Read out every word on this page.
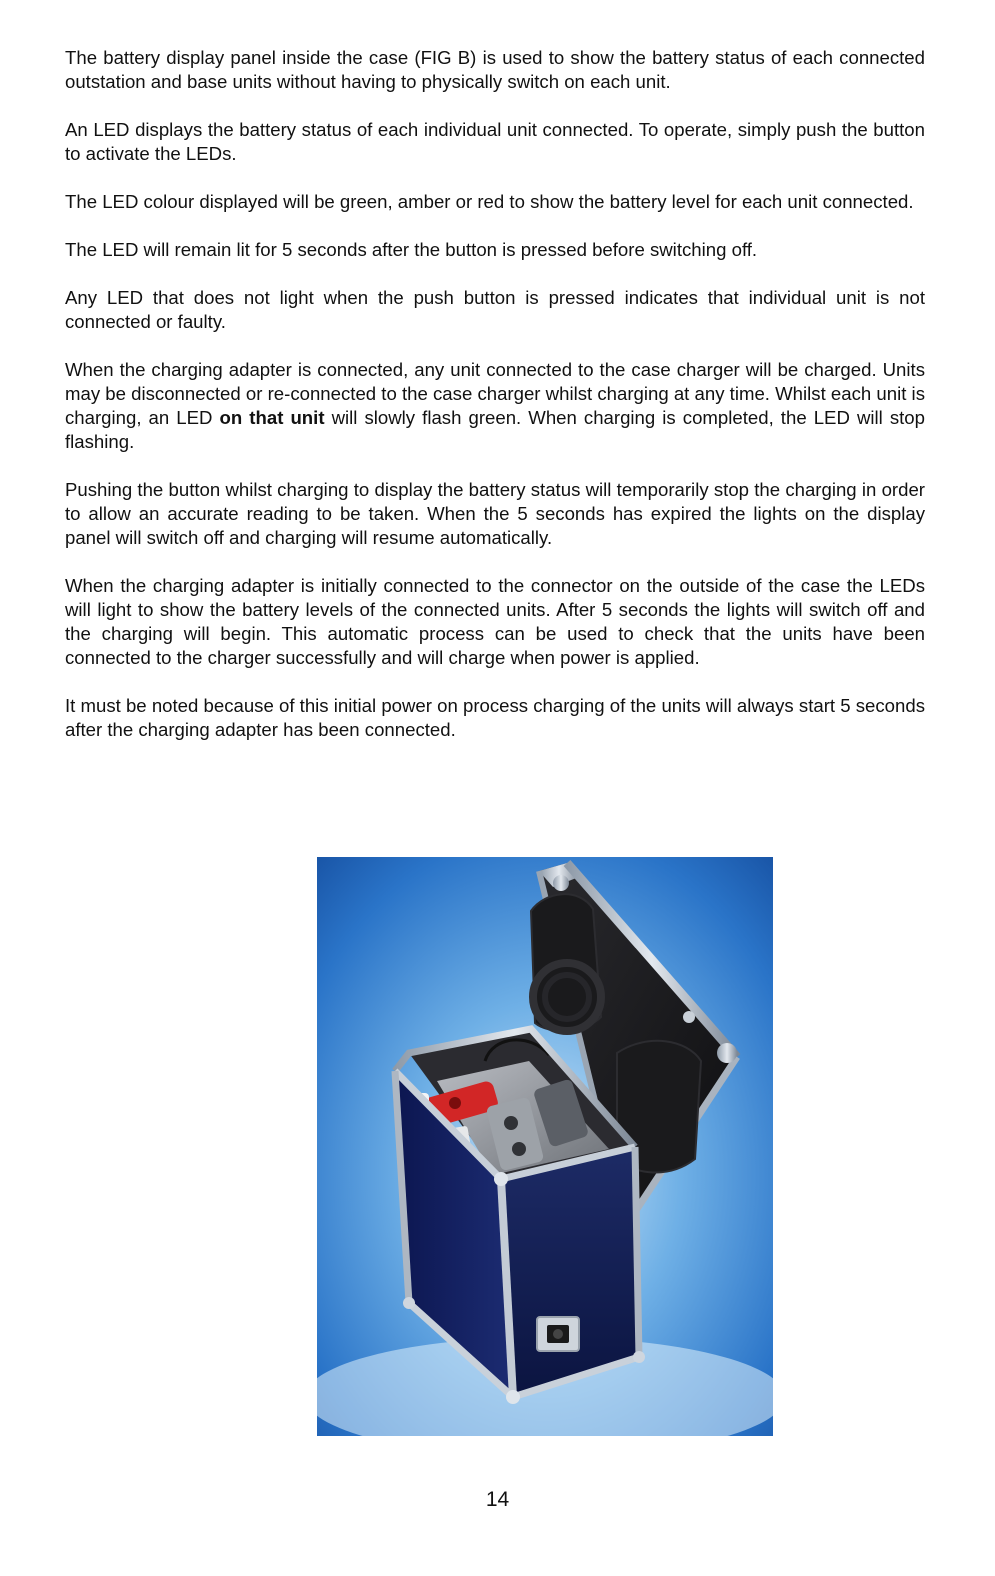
The battery display panel inside the case (FIG B) is used to show the battery status of each connected outstation and base units without having to physically switch on each unit.

An LED displays the battery status of each individual unit connected. To operate, simply push the button to activate the LEDs.

The LED colour displayed will be green, amber or red to show the battery level for each unit connected.

The LED will remain lit for 5 seconds after the button is pressed before switching off.

Any LED that does not light when the push button is pressed indicates that individual unit is not connected or faulty.

When the charging adapter is connected, any unit connected to the case charger will be charged. Units may be disconnected or re-connected to the case charger whilst charging at any time. Whilst each unit is charging, an LED on that unit will slowly flash green. When charging is completed, the LED will stop flashing.

Pushing the button whilst charging to display the battery status will temporarily stop the charging in order to allow an accurate reading to be taken. When the 5 seconds has expired the lights on the display panel will switch off and charging will resume automatically.

When the charging adapter is initially connected to the connector on the outside of the case the LEDs will light to show the battery levels of the connected units. After 5 seconds the lights will switch off and the charging will begin. This automatic process can be used to check that the units have been connected to the charger successfully and will charge when power is applied.

It must be noted because of this initial power on process charging of the units will always start 5 seconds after the charging adapter has been connected.

14
